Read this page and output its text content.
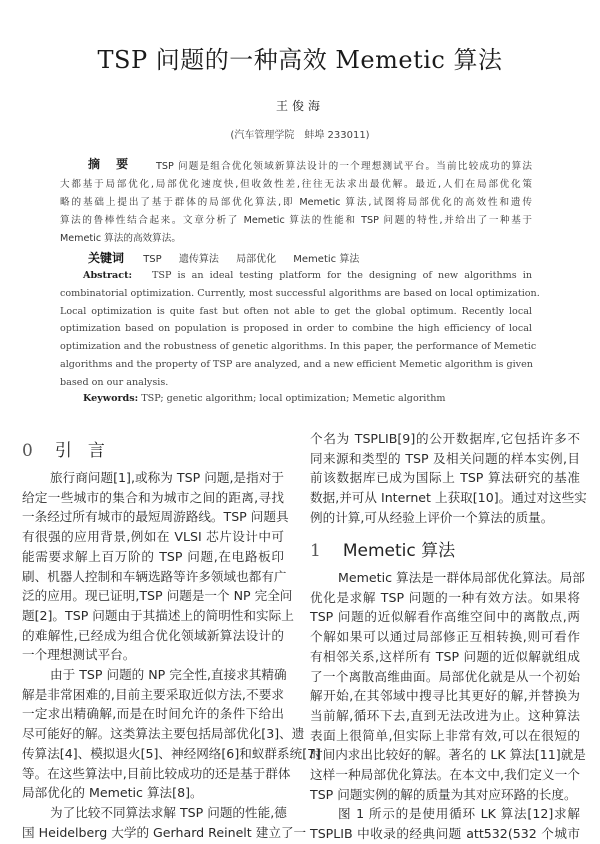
TSP 问题的一种高效 Memetic 算法
王俊海
(汽车管理学院　蚌埠 233011)
摘 要	TSP 问题是组合优化领域新算法设计的一个理想测试平台。当前比较成功的算法
大都基于局部优化,局部优化速度快,但收敛性差,往往无法求出最优解。最近,人们在局部优化策
略的基础上提出了基于群体的局部优化算法,即 Memetic 算法,试图将局部优化的高效性和遗传
算法的鲁棒性结合起来。文章分析了 Memetic 算法的性能和 TSP 问题的特性,并给出了一种基于
Memetic 算法的高效算法。
关键词 TSP 遗传算法 局部优化 Memetic 算法
Abstract:	TSP is an ideal testing platform for the designing of new algorithms in
combinatorial optimization. Currently, most successful algorithms are based on local optimization.
Local optimization is quite fast but often not able to get the global optimum. Recently local
optimization based on population is proposed in order to combine the high efficiency of local
optimization and the robustness of genetic algorithms. In this paper, the performance of Memetic
algorithms and the property of TSP are analyzed, and a new efficient Memetic algorithm is given
based on our analysis.
Keywords: TSP; genetic algorithm; local optimization; Memetic algorithm
0 引言
旅行商问题[1],或称为 TSP 问题,是指对于
给定一些城市的集合和为城市之间的距离,寻找
一条经过所有城市的最短周游路线。TSP 问题具
有很强的应用背景,例如在 VLSI 芯片设计中可
能需要求解上百万阶的 TSP 问题,在电路板印
刷、机器人控制和车辆选路等许多领域也都有广
泛的应用。现已证明,TSP 问题是一个 NP 完全问
题[2]。TSP 问题由于其描述上的简明性和实际上
的难解性,已经成为组合优化领域新算法设计的
一个理想测试平台。
由于 TSP 问题的 NP 完全性,直接求其精确
解是非常困难的,目前主要采取近似方法,不要求
一定求出精确解,而是在时间允许的条件下给出
尽可能好的解。这类算法主要包括局部优化[3]、遗
传算法[4]、模拟退火[5]、神经网络[6]和蚁群系统[7]
等。在这些算法中,目前比较成功的还是基于群体
局部优化的 Memetic 算法[8]。
为了比较不同算法求解 TSP 问题的性能,德
国 Heidelberg 大学的 Gerhard Reinelt 建立了一
个名为 TSPLIB[9]的公开数据库,它包括许多不
同来源和类型的 TSP 及相关问题的样本实例,目
前该数据库已成为国际上 TSP 算法研究的基准
数据,并可从 Internet 上获取[10]。通过对这些实
例的计算,可从经验上评价一个算法的质量。
1 Memetic 算法
Memetic 算法是一群体局部优化算法。局部
优化是求解 TSP 问题的一种有效方法。如果将
TSP 问题的近似解看作高维空间中的离散点,两
个解如果可以通过局部修正互相转换,则可看作
有相邻关系,这样所有 TSP 问题的近似解就组成
了一个离散高维曲面。局部优化就是从一个初始
解开始,在其邻域中搜寻比其更好的解,并替换为
当前解,循环下去,直到无法改进为止。这种算法
表面上很简单,但实际上非常有效,可以在很短的
时间内求出比较好的解。著名的 LK 算法[11]就是
这样一种局部优化算法。在本文中,我们定义一个
TSP 问题实例的解的质量为其对应环路的长度。
图 1 所示的是使用循环 LK 算法[12]求解
TSPLIB 中收录的经典问题 att532(532 个城市
